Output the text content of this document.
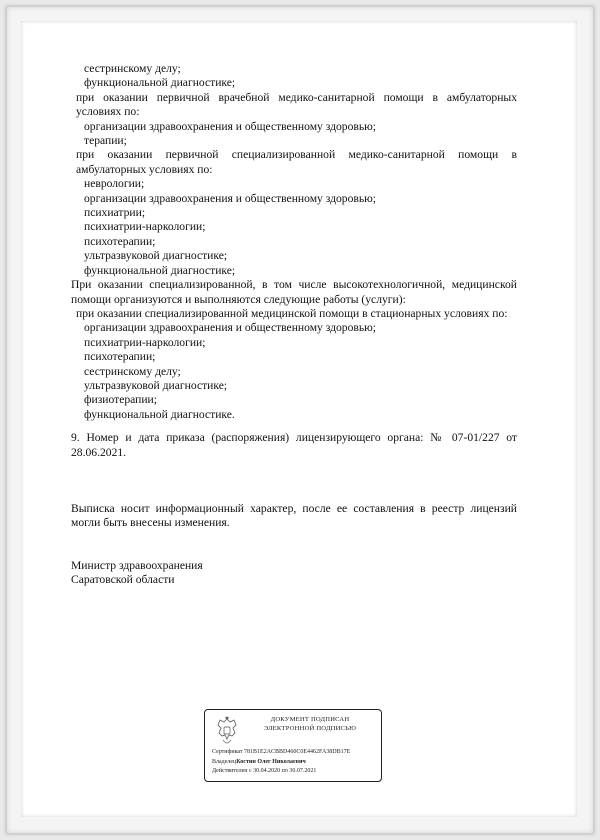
сестринскому делу;

функциональной диагностике;

при оказании первичной врачебной медико-санитарной помощи в амбулаторных условиях по:

организации здравоохранения и общественному здоровью;

терапии;

при оказании первичной специализированной медико-санитарной помощи в амбулаторных условиях по:

неврологии;

организации здравоохранения и общественному здоровью;

психиатрии;

психиатрии-наркологии;

психотерапии;

ультразвуковой диагностике;

функциональной диагностике;

При оказании специализированной, в том числе высокотехнологичной, медицинской помощи организуются и выполняются следующие работы (услуги):

при оказании специализированной медицинской помощи в стационарных условиях по:

организации здравоохранения и общественному здоровью;

психиатрии-наркологии;

психотерапии;

сестринскому делу;

ультразвуковой диагностике;

физиотерапии;

функциональной диагностике.

9. Номер и дата приказа (распоряжения) лицензирующего органа: № 07-01/227 от 28.06.2021.

Выписка носит информационный характер, после ее составления в реестр лицензий могли быть внесены изменения.

Министр здравоохранения

Саратовской области

ДОКУМЕНТ ПОДПИСАН
ЭЛЕКТРОННОЙ ПОДПИСЬЮ
Сертификат 781B1E2ACBBD460C0E4462FA38DB17E
ВладелецКостин Олег Николаевич
Действителен с 30.04.2020 по 30.07.2021
